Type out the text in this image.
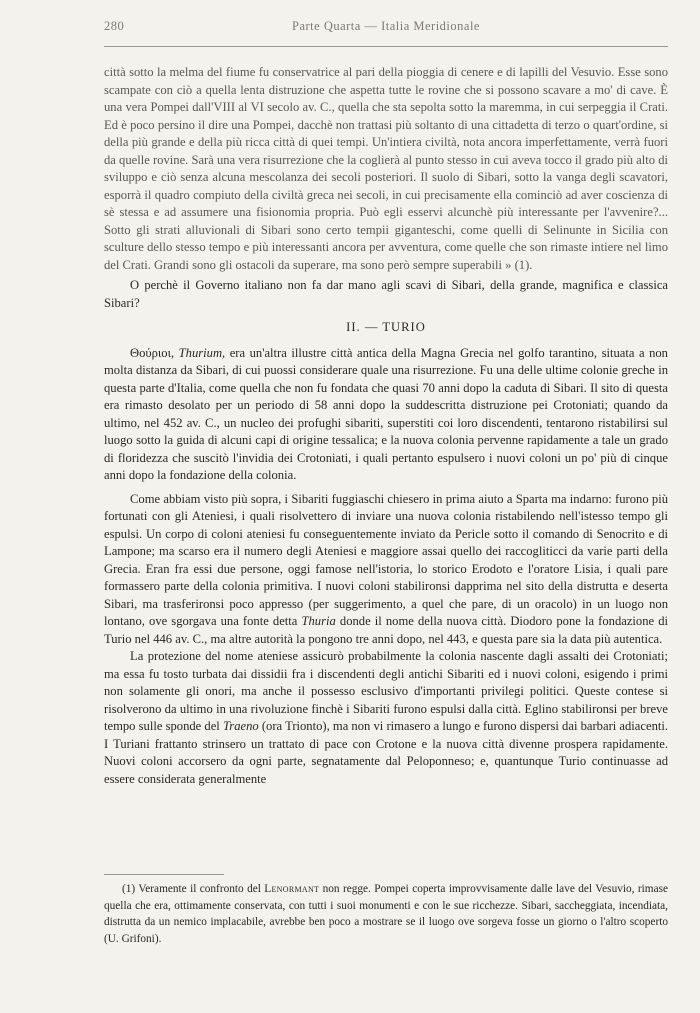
280	Parte Quarta — Italia Meridionale

città sotto la melma del fiume fu conservatrice al pari della pioggia di cenere e di lapilli del Vesuvio. Esse sono scampate con ciò a quella lenta distruzione che aspetta tutte le rovine che si possono scavare a mo' di cave. È una vera Pompei dall'VIII al VI secolo av. C., quella che sta sepolta sotto la maremma, in cui serpeggia il Crati. Ed è poco persino il dire una Pompei, dacchè non trattasi più soltanto di una cittadetta di terzo o quart'ordine, si della più grande e della più ricca città di quei tempi. Un'intiera civiltà, nota ancora imperfettamente, verrà fuori da quelle rovine. Sarà una vera risurrezione che la coglierà al punto stesso in cui aveva tocco il grado più alto di sviluppo e ciò senza alcuna mescolanza dei secoli posteriori. Il suolo di Sibari, sotto la vanga degli scavatori, esporrà il quadro compiuto della civiltà greca nei secoli, in cui precisamente ella cominciò ad aver coscienza di sè stessa e ad assumere una fisionomia propria. Può egli esservi alcunchè più interessante per l'avvenire?... Sotto gli strati alluvionali di Sibari sono certo tempii giganteschi, come quelli di Selinunte in Sicilia con sculture dello stesso tempo e più interessanti ancora per avventura, come quelle che son rimaste intiere nel limo del Crati. Grandi sono gli ostacoli da superare, ma sono però sempre superabili » (1).

O perchè il Governo italiano non fa dar mano agli scavi di Sibari, della grande, magnifica e classica Sibari?

II. — TURIO

Θούριοι, Thurium, era un'altra illustre città antica della Magna Grecia nel golfo tarantino, situata a non molta distanza da Sibari, di cui puossi considerare quale una risurrezione. Fu una delle ultime colonie greche in questa parte d'Italia, come quella che non fu fondata che quasi 70 anni dopo la caduta di Sibari. Il sito di questa era rimasto desolato per un periodo di 58 anni dopo la suddescritta distruzione pei Crotoniati; quando da ultimo, nel 452 av. C., un nucleo dei profughi sibariti, superstiti coi loro discendenti, tentarono ristabilirsi sul luogo sotto la guida di alcuni capi di origine tessalica; e la nuova colonia pervenne rapidamente a tale un grado di floridezza che suscitò l'invidia dei Crotoniati, i quali pertanto espulsero i nuovi coloni un po' più di cinque anni dopo la fondazione della colonia.

Come abbiam visto più sopra, i Sibariti fuggiaschi chiesero in prima aiuto a Sparta ma indarno: furono più fortunati con gli Ateniesi, i quali risolvettero di inviare una nuova colonia ristabilendo nell'istesso tempo gli espulsi. Un corpo di coloni ateniesi fu conseguentemente inviato da Pericle sotto il comando di Senocrito e di Lampone; ma scarso era il numero degli Ateniesi e maggiore assai quello dei raccogliticci da varie parti della Grecia. Eran fra essi due persone, oggi famose nell'istoria, lo storico Erodoto e l'oratore Lisia, i quali pare formassero parte della colonia primitiva. I nuovi coloni stabilironsi dapprima nel sito della distrutta e deserta Sibari, ma trasferironsi poco appresso (per suggerimento, a quel che pare, di un oracolo) in un luogo non lontano, ove sgorgava una fonte detta Thuria donde il nome della nuova città. Diodoro pone la fondazione di Turio nel 446 av. C., ma altre autorità la pongono tre anni dopo, nel 443, e questa pare sia la data più autentica.

La protezione del nome ateniese assicurò probabilmente la colonia nascente dagli assalti dei Crotoniati; ma essa fu tosto turbata dai dissidii fra i discendenti degli antichi Sibariti ed i nuovi coloni, esigendo i primi non solamente gli onori, ma anche il possesso esclusivo d'importanti privilegi politici. Queste contese si risolverono da ultimo in una rivoluzione finchè i Sibariti furono espulsi dalla città. Eglino stabilironsi per breve tempo sulle sponde del Traeno (ora Trionto), ma non vi rimasero a lungo e furono dispersi dai barbari adiacenti. I Turiani frattanto strinsero un trattato di pace con Crotone e la nuova città divenne prospera rapidamente. Nuovi coloni accorsero da ogni parte, segnatamente dal Peloponneso; e, quantunque Turio continuasse ad essere considerata generalmente

(1) Veramente il confronto del Lenormant non regge. Pompei coperta improvvisamente dalle lave del Vesuvio, rimase quella che era, ottimamente conservata, con tutti i suoi monumenti e con le sue ricchezze. Sibari, saccheggiata, incendiata, distrutta da un nemico implacabile, avrebbe ben poco a mostrare se il luogo ove sorgeva fosse un giorno o l'altro scoperto (U. Grifoni).
